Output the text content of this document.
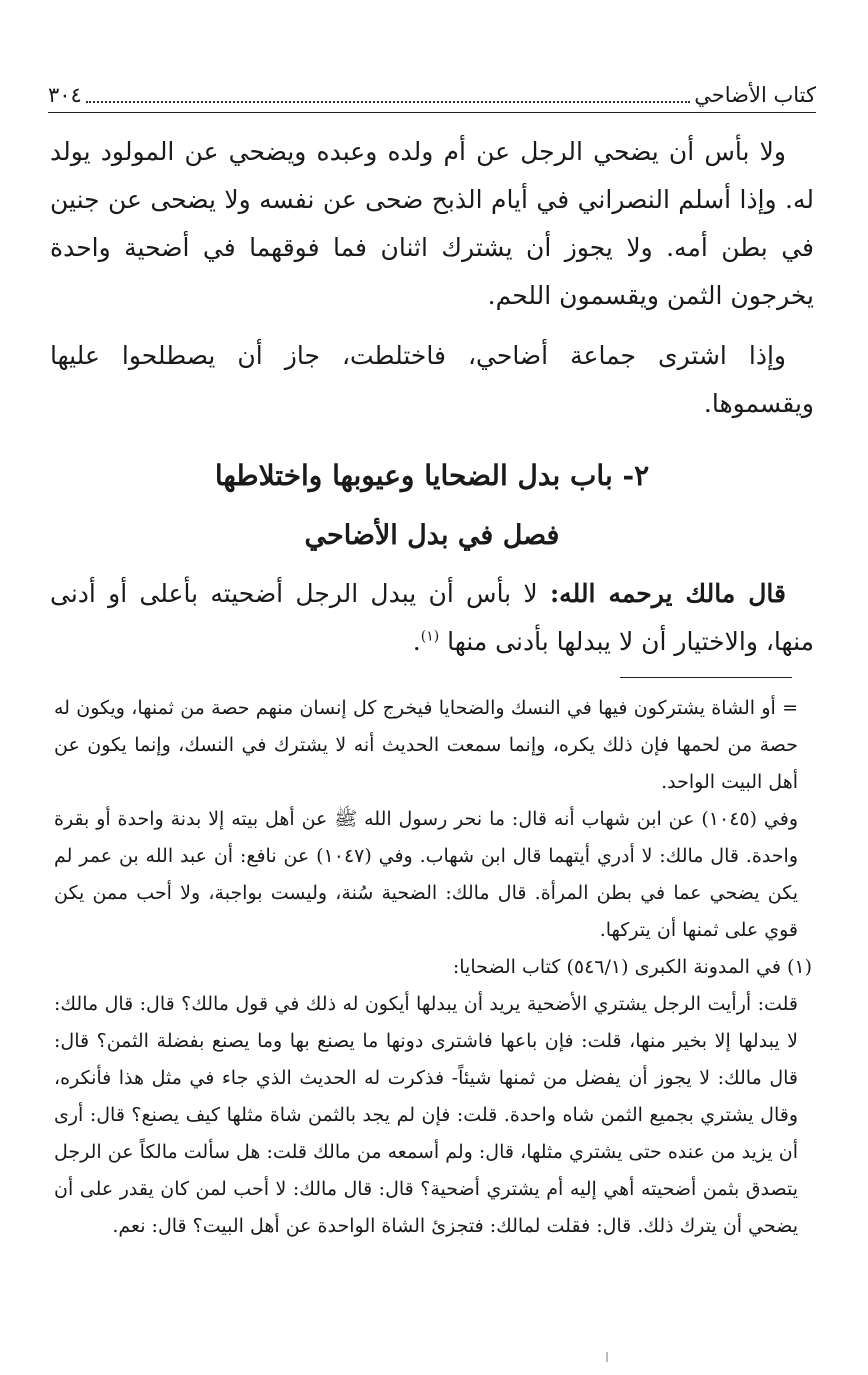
كتاب الأضاحي
٣٠٤

ولا بأس أن يضحي الرجل عن أم ولده وعبده ويضحي عن المولود يولد له. وإذا أسلم النصراني في أيام الذبح ضحى عن نفسه ولا يضحى عن جنين في بطن أمه. ولا يجوز أن يشترك اثنان فما فوقهما في أضحية واحدة يخرجون الثمن ويقسمون اللحم.

وإذا اشترى جماعة أضاحي، فاختلطت، جاز أن يصطلحوا عليها ويقسموها.

٢- باب بدل الضحايا وعيوبها واختلاطها
فصل في بدل الأضاحي

قال مالك يرحمه الله: لا بأس أن يبدل الرجل أضحيته بأعلى أو أدنى منها، والاختيار أن لا يبدلها بأدنى منها $^{(١)}$.

= أو الشاة يشتركون فيها في النسك والضحايا فيخرج كل إنسان منهم حصة من ثمنها، ويكون له حصة من لحمها فإن ذلك يكره، وإنما سمعت الحديث أنه لا يشترك في النسك، وإنما يكون عن أهل البيت الواحد.

وفي (١٠٤٥) عن ابن شهاب أنه قال: ما نحر رسول الله ﷺ عن أهل بيته إلا بدنة واحدة أو بقرة واحدة. قال مالك: لا أدري أيتهما قال ابن شهاب. وفي (١٠٤٧) عن نافع: أن عبد الله بن عمر لم يكن يضحي عما في بطن المرأة. قال مالك: الضحية سُنة، وليست بواجبة، ولا أحب ممن يكن قوي على ثمنها أن يتركها.

(١) في المدونة الكبرى (٥٤٦/١) كتاب الضحايا:

قلت: أرأيت الرجل يشتري الأضحية يريد أن يبدلها أيكون له ذلك في قول مالك؟ قال: قال مالك: لا يبدلها إلا بخير منها، قلت: فإن باعها فاشترى دونها ما يصنع بها وما يصنع بفضلة الثمن؟ قال: قال مالك: لا يجوز أن يفضل من ثمنها شيئاً- فذكرت له الحديث الذي جاء في مثل هذا فأنكره، وقال يشتري بجميع الثمن شاه واحدة. قلت: فإن لم يجد بالثمن شاة مثلها كيف يصنع؟ قال: أرى أن يزيد من عنده حتى يشتري مثلها، قال: ولم أسمعه من مالك قلت: هل سألت مالكاً عن الرجل يتصدق بثمن أضحيته أهي إليه أم يشتري أضحية؟ قال: قال مالك: لا أحب لمن كان يقدر على أن يضحي أن يترك ذلك. قال: فقلت لمالك: فتجزئ الشاة الواحدة عن أهل البيت؟ قال: نعم.
